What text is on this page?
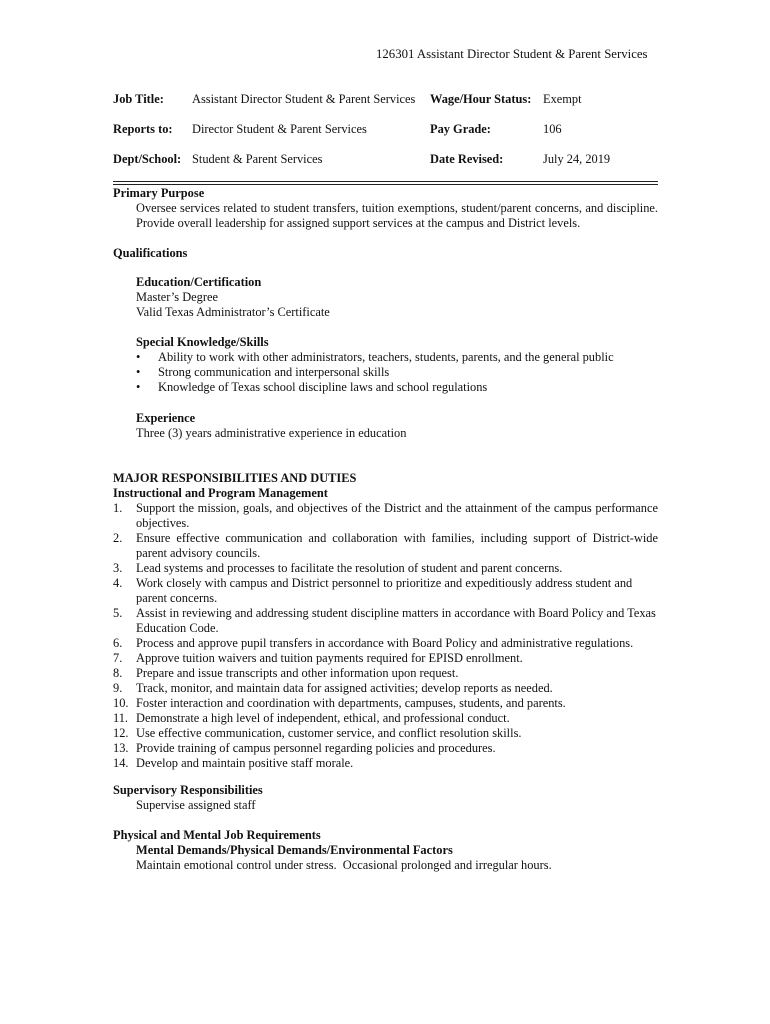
126301 Assistant Director Student & Parent Services
Job Title: Assistant Director Student & Parent Services Wage/Hour Status: Exempt
Reports to: Director Student & Parent Services	Pay Grade:	106
Dept/School: Student & Parent Services	Date Revised:	July 24, 2019
Primary Purpose
Oversee services related to student transfers, tuition exemptions, student/parent concerns, and discipline. Provide overall leadership for assigned support services at the campus and District levels.
Qualifications
Education/Certification
Master’s Degree
Valid Texas Administrator’s Certificate
Special Knowledge/Skills
• Ability to work with other administrators, teachers, students, parents, and the general public
• Strong communication and interpersonal skills
• Knowledge of Texas school discipline laws and school regulations
Experience
Three (3) years administrative experience in education
MAJOR RESPONSIBILITIES AND DUTIES
Instructional and Program Management
1. Support the mission, goals, and objectives of the District and the attainment of the campus performance objectives.
2. Ensure effective communication and collaboration with families, including support of District-wide parent advisory councils.
3. Lead systems and processes to facilitate the resolution of student and parent concerns.
4. Work closely with campus and District personnel to prioritize and expeditiously address student and parent concerns.
5. Assist in reviewing and addressing student discipline matters in accordance with Board Policy and Texas Education Code.
6. Process and approve pupil transfers in accordance with Board Policy and administrative regulations.
7. Approve tuition waivers and tuition payments required for EPISD enrollment.
8. Prepare and issue transcripts and other information upon request.
9. Track, monitor, and maintain data for assigned activities; develop reports as needed.
10. Foster interaction and coordination with departments, campuses, students, and parents.
11. Demonstrate a high level of independent, ethical, and professional conduct.
12. Use effective communication, customer service, and conflict resolution skills.
13. Provide training of campus personnel regarding policies and procedures.
14. Develop and maintain positive staff morale.
Supervisory Responsibilities
Supervise assigned staff
Physical and Mental Job Requirements
Mental Demands/Physical Demands/Environmental Factors
Maintain emotional control under stress.  Occasional prolonged and irregular hours.
